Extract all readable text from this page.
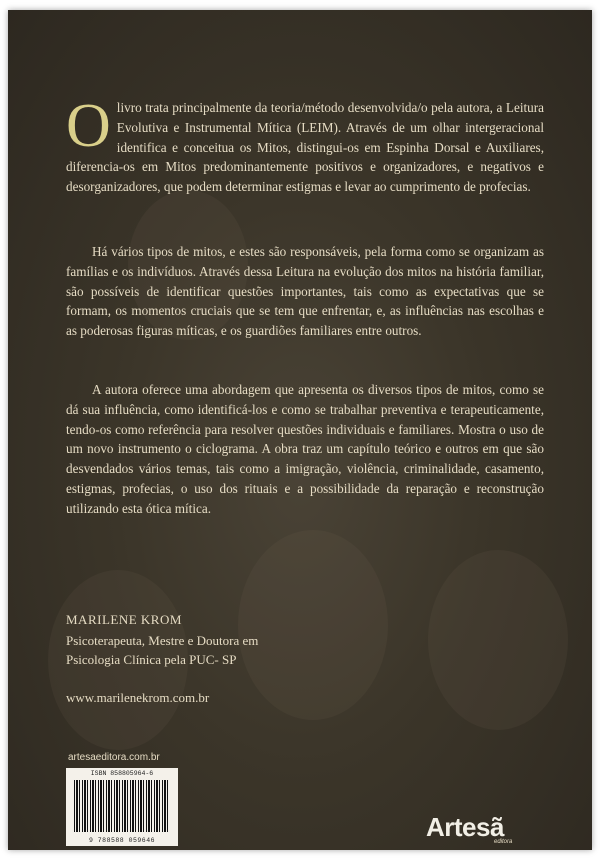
Olivro trata principalmente da teoria/método desenvolvida/o pela autora, a Leitura Evolutiva e Instrumental Mítica (LEIM). Através de um olhar intergeracional identifica e conceitua os Mitos, distingui-os em Espinha Dorsal e Auxiliares, diferencia-os em Mitos predominantemente positivos e organizadores, e negativos e desorganizadores, que podem determinar estigmas e levar ao cumprimento de profecias.

Há vários tipos de mitos, e estes são responsáveis, pela forma como se organizam as famílias e os indivíduos. Através dessa Leitura na evolução dos mitos na história familiar, são possíveis de identificar questões importantes, tais como as expectativas que se formam, os momentos cruciais que se tem que enfrentar, e, as influências nas escolhas e as poderosas figuras míticas, e os guardiões familiares entre outros.

A autora oferece uma abordagem que apresenta os diversos tipos de mitos, como se dá sua influência, como identificá-los e como se trabalhar preventiva e terapeuticamente, tendo-os como referência para resolver questões individuais e familiares. Mostra o uso de um novo instrumento o ciclograma. A obra traz um capítulo teórico e outros em que são desvendados vários temas, tais como a imigração, violência, criminalidade, casamento, estigmas, profecias, o uso dos rituais e a possibilidade da reparação e reconstrução utilizando esta ótica mítica.

MARILENE KROM
Psicoterapeuta, Mestre e Doutora em
Psicologia Clínica pela PUC- SP
www.marilenekrom.com.br
artesaeditora.com.br
ISBN 858805964-6
9 788588 059646	Artesã
editora
